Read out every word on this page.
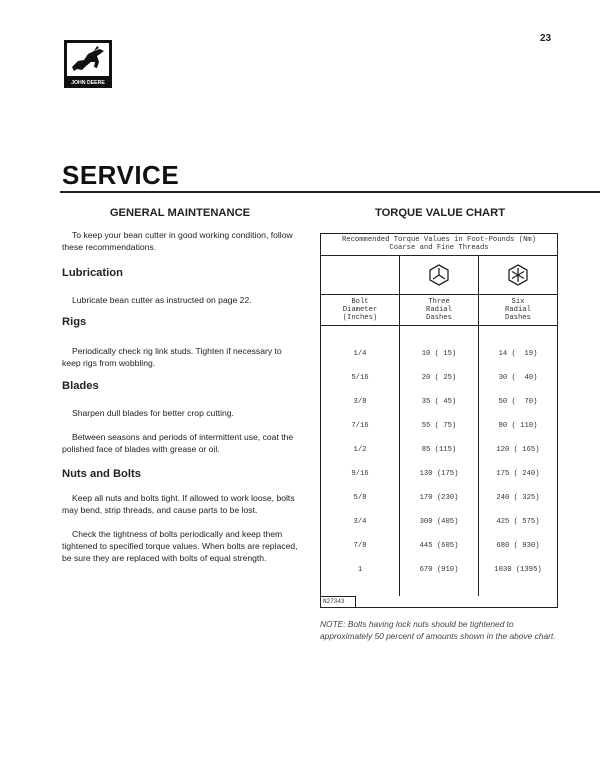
23
JOHN DEERE
SERVICE
GENERAL MAINTENANCE

To keep your bean cutter in good working condition, follow these recommendations.

Lubrication

Lubricate bean cutter as instructed on page 22.

Rigs

Periodically check rig link studs. Tighten if necessary to keep rigs from wobbling.

Blades

Sharpen dull blades for better crop cutting.

Between seasons and periods of intermittent use, coat the polished face of blades with grease or oil.

Nuts and Bolts

Keep all nuts and bolts tight. If allowed to work loose, bolts may bend, strip threads, and cause parts to be lost.

Check the tightness of bolts periodically and keep them tightened to specified torque values. When bolts are replaced, be sure they are replaced with bolts of equal strength.

TORQUE VALUE CHART
Recommended Torque Values in Foot-Pounds (Nm)
Coarse and Fine Threads
Bolt
Diameter
(Inches)

1/4

5/16

3/8

7/16

1/2

9/16

5/8

3/4

7/8

1

Three
Radial
Dashes

10 ( 15)

20 ( 25)

35 ( 45)

55 ( 75)

85 (115)

130 (175)

170 (230)

300 (405)

445 (605)

670 (910)

Six
Radial
Dashes

14 (  19)

30 (  40)

50 (  70)

80 ( 110)

120 ( 165)

175 ( 240)

240 ( 325)

425 ( 575)

680 ( 930)

1030 (1395)

N27343
NOTE: Bolts having lock nuts should be tightened to approximately 50 percent of amounts shown in the above chart.
